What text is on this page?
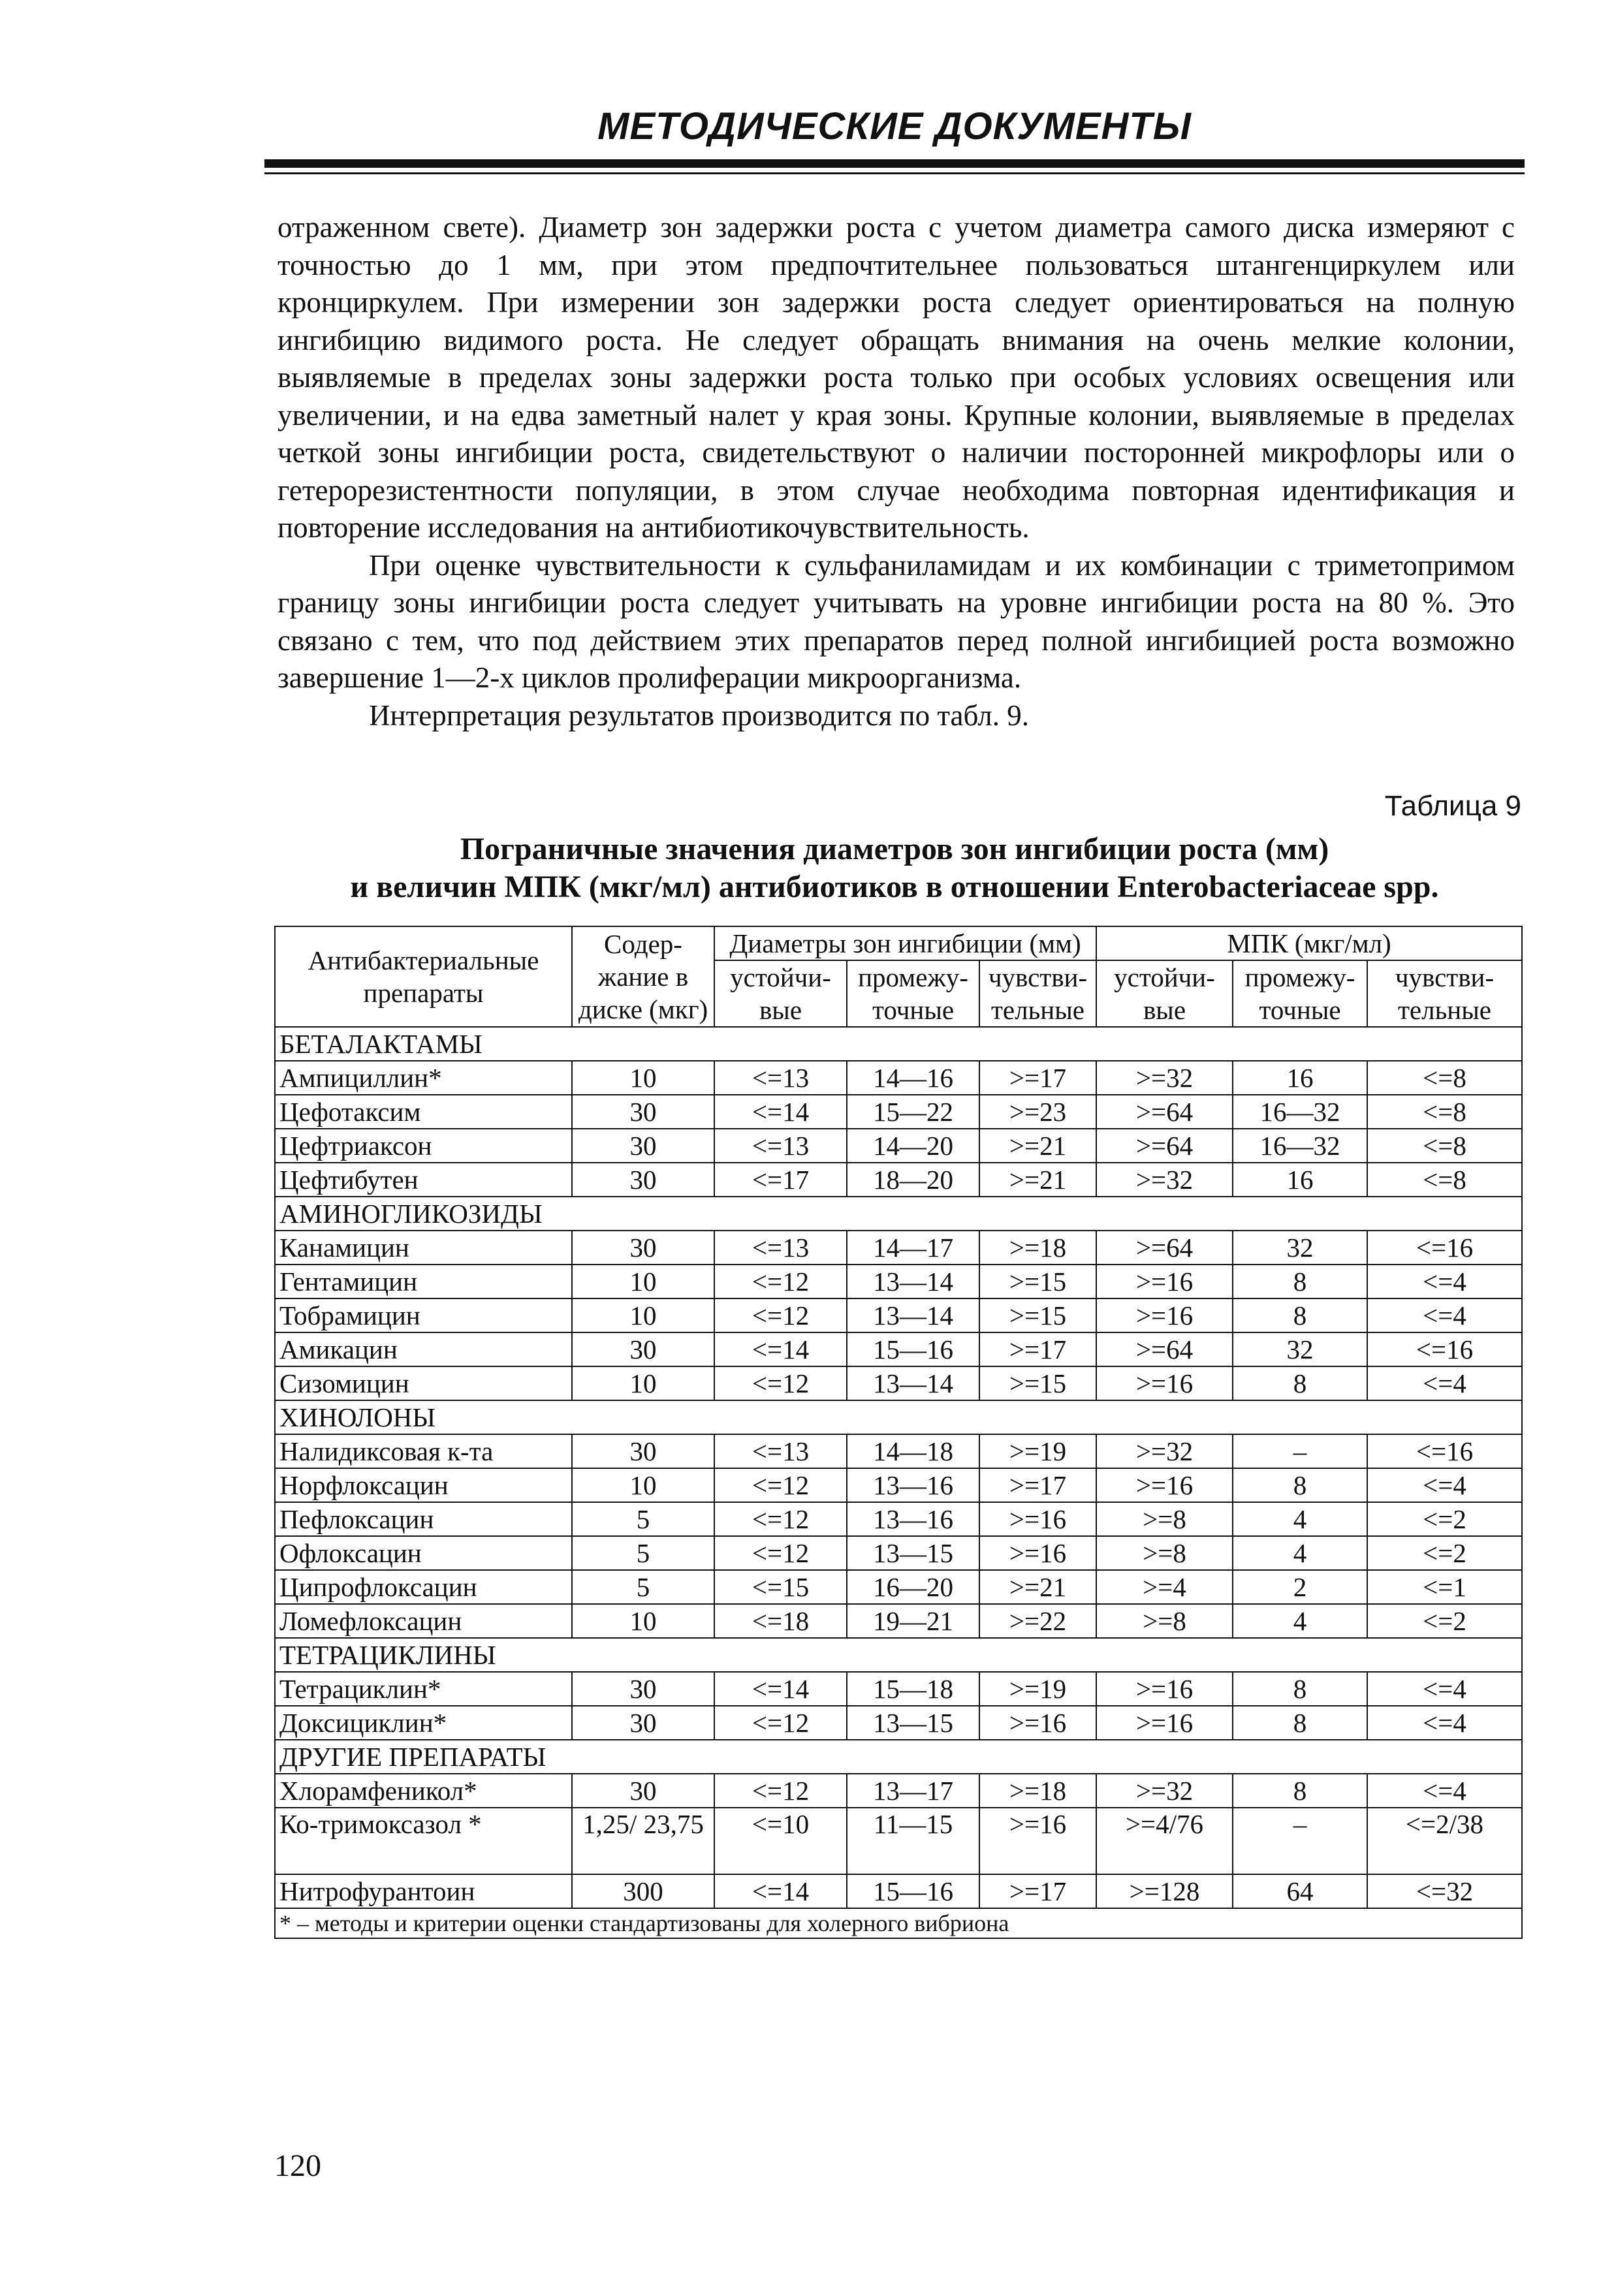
МЕТОДИЧЕСКИЕ ДОКУМЕНТЫ

отраженном свете). Диаметр зон задержки роста с учетом диаметра самого диска измеряют с точностью до 1 мм, при этом предпочтительнее пользоваться штангенциркулем или кронциркулем. При измерении зон задержки роста следует ориентироваться на полную ингибицию видимого роста. Не следует обращать внимания на очень мелкие колонии, выявляемые в пределах зоны задержки роста только при особых условиях освещения или увеличении, и на едва заметный налет у края зоны. Крупные колонии, выявляемые в пределах четкой зоны ингибиции роста, свидетельствуют о наличии посторонней микрофлоры или о гетерорезистентности популяции, в этом случае необходима повторная идентификация и повторение исследования на антибиотикочувствительность.

При оценке чувствительности к сульфаниламидам и их комбинации с триметопримом границу зоны ингибиции роста следует учитывать на уровне ингибиции роста на 80 %. Это связано с тем, что под действием этих препаратов перед полной ингибицией роста возможно завершение 1—2-х циклов пролиферации микроорганизма.

Интерпретация результатов производится по табл. 9.

Таблица 9
Пограничные значения диаметров зон ингибиции роста (мм)
и величин МПК (мкг/мл) антибиотиков в отношении Enterobacteriaceae spp.
Антибактериальные препараты	Содер-жание в диске (мкг)	Диаметры зон ингибиции (мм)			МПК (мкг/мл)		
		устойчи-вые	промежу-точные	чувстви-тельные	устойчи-вые	промежу-точные	чувстви-тельные
БЕТАЛАКТАМЫ							
Ампициллин*	10	<=13	14—16	>=17	>=32	16	<=8
Цефотаксим	30	<=14	15—22	>=23	>=64	16—32	<=8
Цефтриаксон	30	<=13	14—20	>=21	>=64	16—32	<=8
Цефтибутен	30	<=17	18—20	>=21	>=32	16	<=8
АМИНОГЛИКОЗИДЫ							
Канамицин	30	<=13	14—17	>=18	>=64	32	<=16
Гентамицин	10	<=12	13—14	>=15	>=16	8	<=4
Тобрамицин	10	<=12	13—14	>=15	>=16	8	<=4
Амикацин	30	<=14	15—16	>=17	>=64	32	<=16
Сизомицин	10	<=12	13—14	>=15	>=16	8	<=4
ХИНОЛОНЫ							
Налидиксовая к-та	30	<=13	14—18	>=19	>=32	–	<=16
Норфлоксацин	10	<=12	13—16	>=17	>=16	8	<=4
Пефлоксацин	5	<=12	13—16	>=16	>=8	4	<=2
Офлоксацин	5	<=12	13—15	>=16	>=8	4	<=2
Ципрофлоксацин	5	<=15	16—20	>=21	>=4	2	<=1
Ломефлоксацин	10	<=18	19—21	>=22	>=8	4	<=2
ТЕТРАЦИКЛИНЫ							
Тетрациклин*	30	<=14	15—18	>=19	>=16	8	<=4
Доксициклин*	30	<=12	13—15	>=16	>=16	8	<=4
ДРУГИЕ ПРЕПАРАТЫ							
Хлорамфеникол*	30	<=12	13—17	>=18	>=32	8	<=4
Ко-тримоксазол *	1,25/ 23,75	<=10	11—15	>=16	>=4/76	–	<=2/38
Нитрофурантоин	300	<=14	15—16	>=17	>=128	64	<=32
* – методы и критерии оценки стандартизованы для холерного вибриона							
120
